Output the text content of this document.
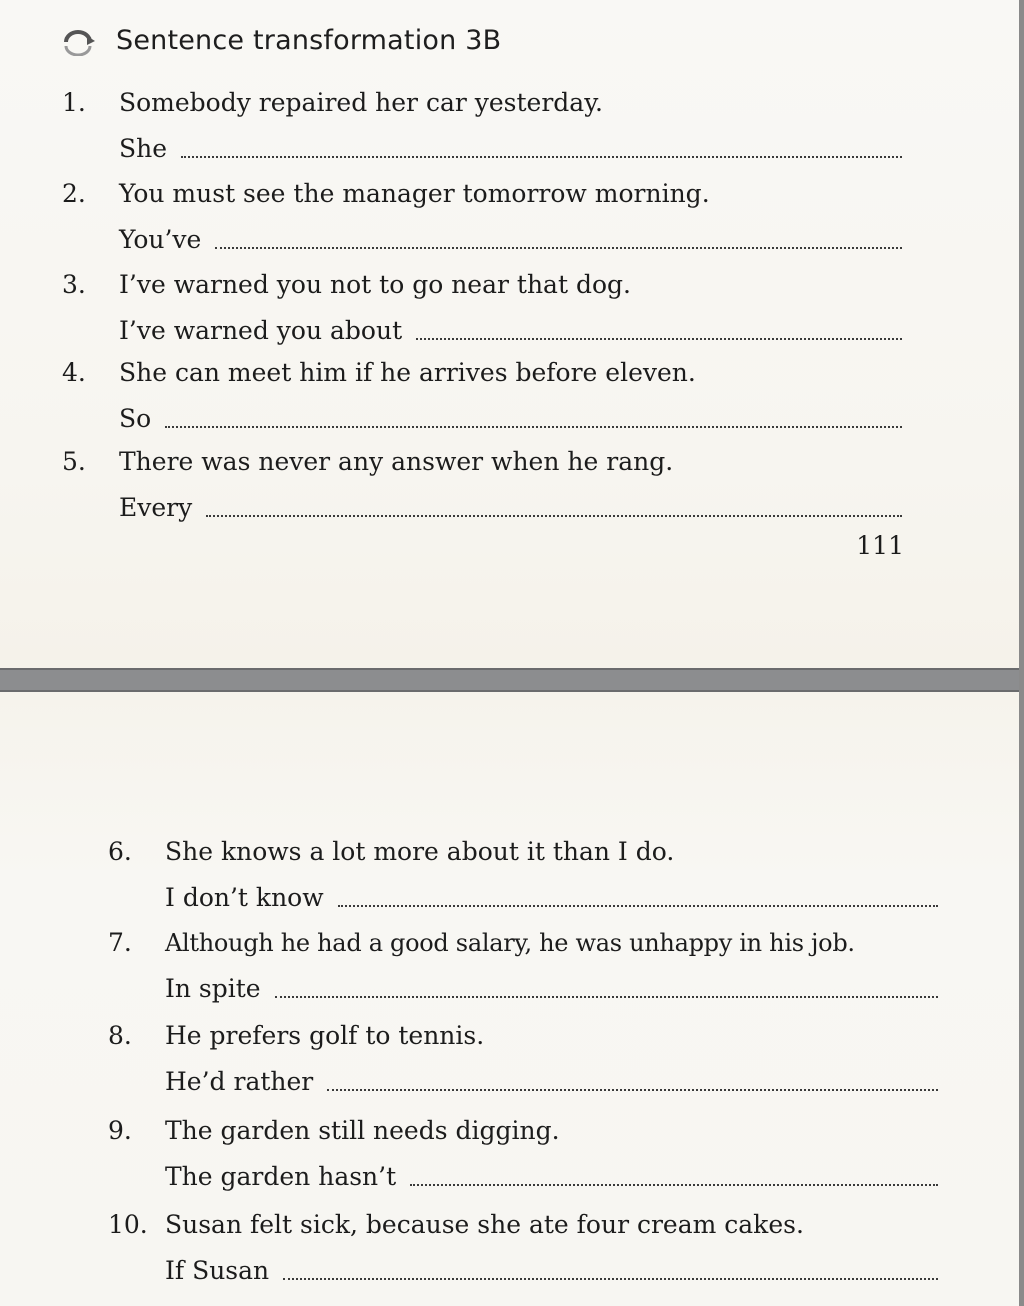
Sentence transformation 3B
1. Somebody repaired her car yesterday.
She
2. You must see the manager tomorrow morning.
You’ve
3. I’ve warned you not to go near that dog.
I’ve warned you about
4. She can meet him if he arrives before eleven.
So
5. There was never any answer when he rang.
Every
111
6. She knows a lot more about it than I do.
I don’t know
7. Although he had a good salary, he was unhappy in his job.
In spite
8. He prefers golf to tennis.
He’d rather
9. The garden still needs digging.
The garden hasn’t
10. Susan felt sick, because she ate four cream cakes.
If Susan
